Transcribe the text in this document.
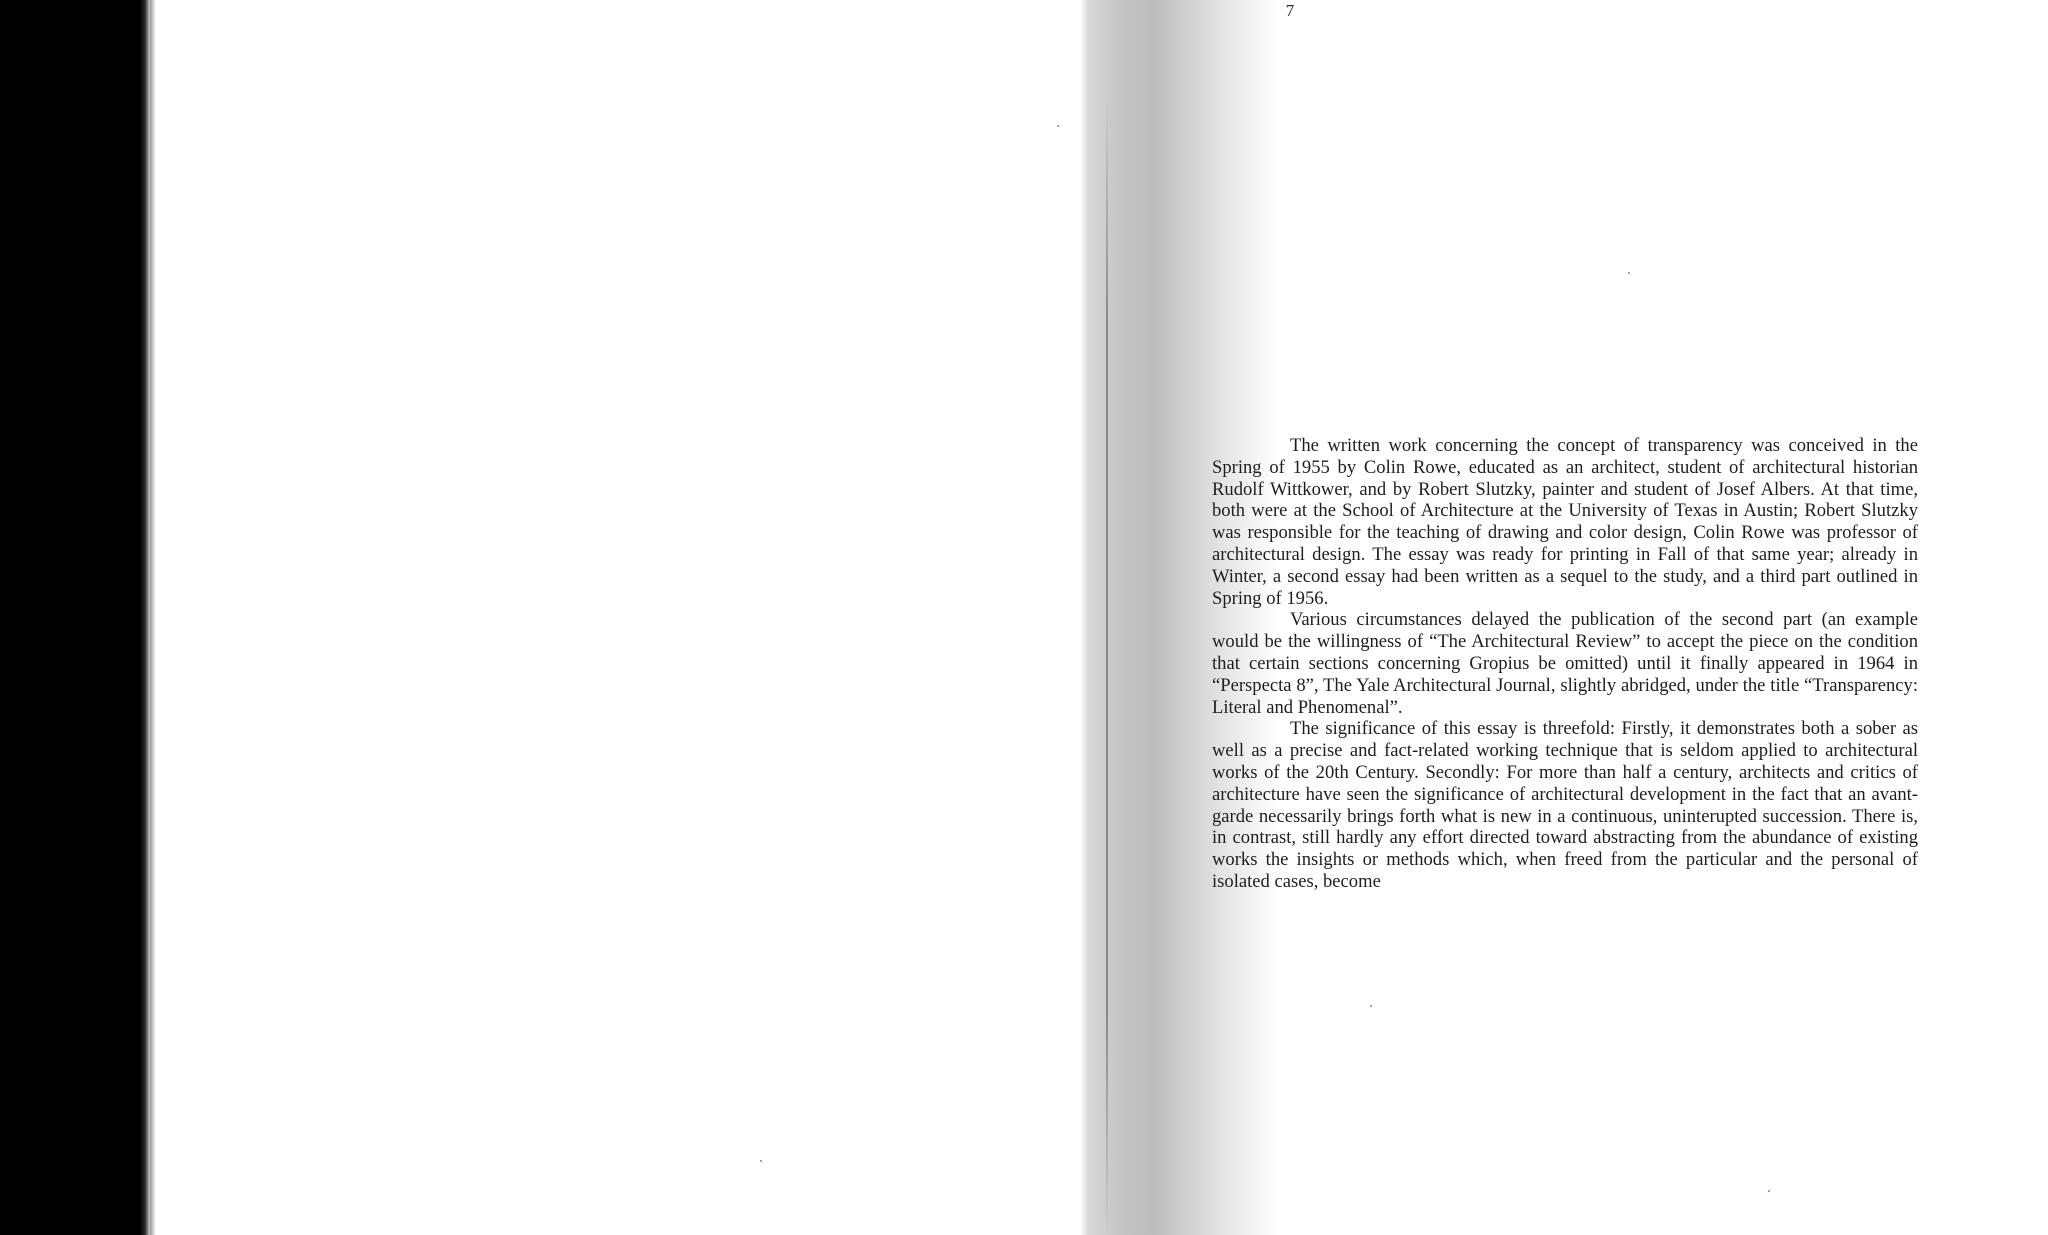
7

The written work concerning the concept of transparency was conceived in the Spring of 1955 by Colin Rowe, educated as an architect, student of architectural historian Rudolf Wittkower, and by Robert Slutzky, painter and student of Josef Albers. At that time, both were at the School of Architecture at the University of Texas in Austin; Robert Slutzky was responsible for the teaching of drawing and color design, Colin Rowe was professor of architectural design. The essay was ready for printing in Fall of that same year; already in Winter, a second essay had been written as a sequel to the study, and a third part outlined in Spring of 1956.

Various circumstances delayed the publication of the second part (an example would be the willingness of “The Architectural Review” to accept the piece on the condition that certain sections concerning Gropius be omitted) until it finally appeared in 1964 in “Perspecta 8”, The Yale Architectural Journal, slightly abridged, under the title “Transparency: Literal and Phenomenal”.

The significance of this essay is threefold: Firstly, it demonstrates both a sober as well as a precise and fact-related working technique that is seldom applied to architectural works of the 20th Century. Secondly: For more than half a century, architects and critics of architecture have seen the significance of architectural development in the fact that an avant-garde necessarily brings forth what is new in a continuous, uninterupted succession. There is, in contrast, still hardly any effort directed toward abstracting from the abundance of existing works the insights or methods which, when freed from the particular and the personal of isolated cases, become
